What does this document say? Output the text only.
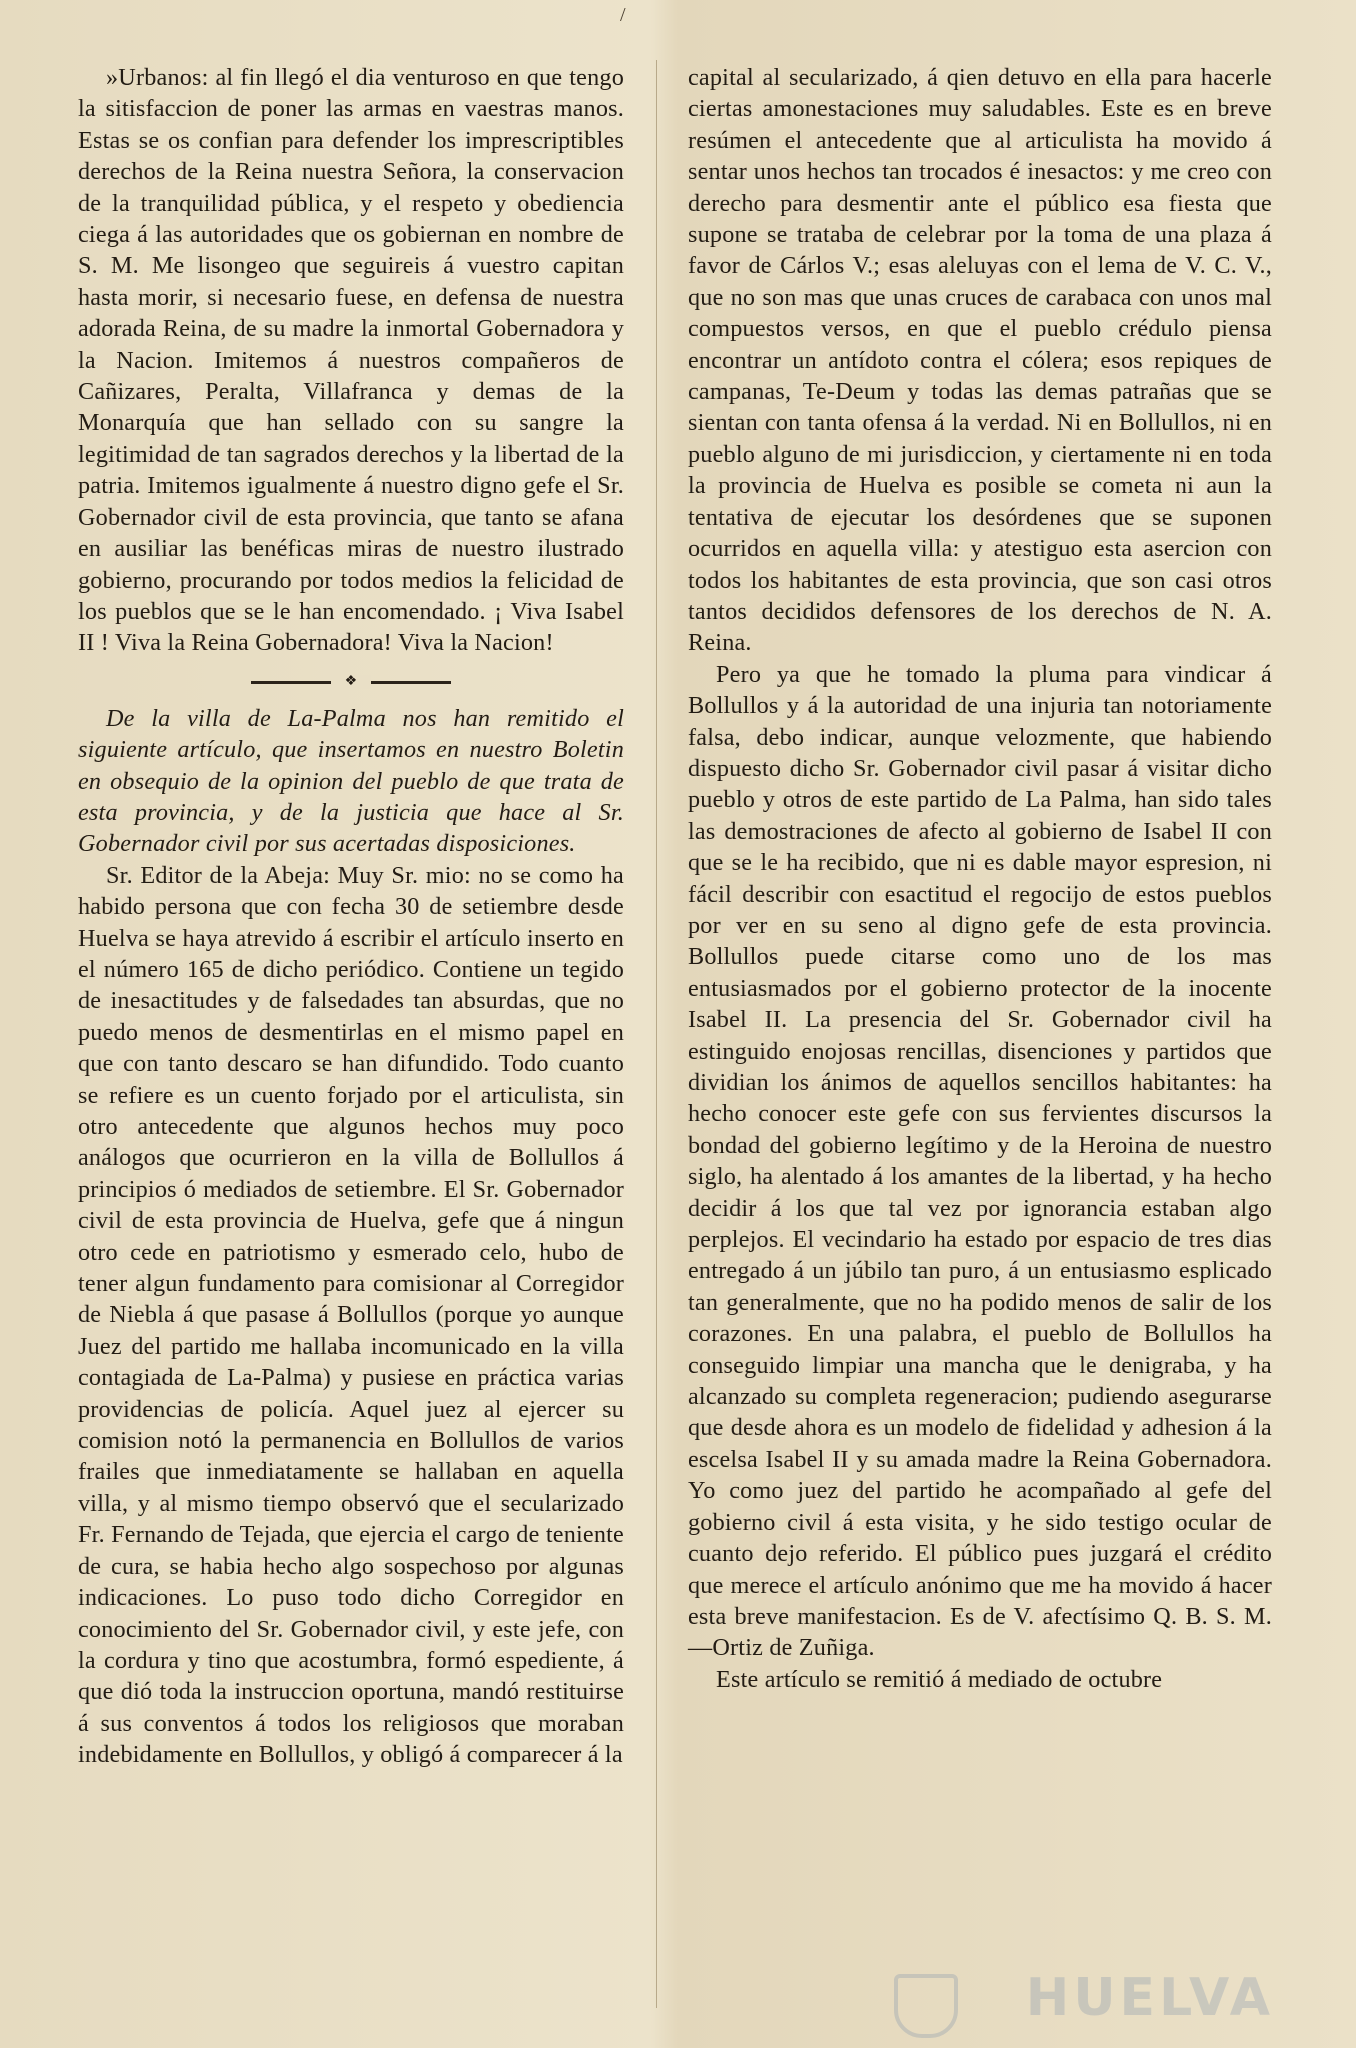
/

»Urbanos: al fin llegó el dia venturoso en que tengo la sitisfaccion de poner las armas en vaestras manos. Estas se os confian para defender los imprescriptibles derechos de la Reina nuestra Señora, la conservacion de la tranquilidad pública, y el respeto y obediencia ciega á las autoridades que os gobiernan en nombre de S. M. Me lisongeo que seguireis á vuestro capitan hasta morir, si necesario fuese, en defensa de nuestra adorada Reina, de su madre la inmortal Gobernadora y la Nacion. Imitemos á nuestros compañeros de Cañizares, Peralta, Villafranca y demas de la Monarquía que han sellado con su sangre la legitimidad de tan sagrados derechos y la libertad de la patria. Imitemos igualmente á nuestro digno gefe el Sr. Gobernador civil de esta provincia, que tanto se afana en ausiliar las benéficas miras de nuestro ilustrado gobierno, procurando por todos medios la felicidad de los pueblos que se le han encomendado. ¡ Viva Isabel II ! Viva la Reina Gobernadora! Viva la Nacion!

❖

De la villa de La-Palma nos han remitido el siguiente artículo, que insertamos en nuestro Boletin en obsequio de la opinion del pueblo de que trata de esta provincia, y de la justicia que hace al Sr. Gobernador civil por sus acertadas disposiciones.

Sr. Editor de la Abeja: Muy Sr. mio: no se como ha habido persona que con fecha 30 de setiembre desde Huelva se haya atrevido á escribir el artículo inserto en el número 165 de dicho periódico. Contiene un tegido de inesactitudes y de falsedades tan absurdas, que no puedo menos de desmentirlas en el mismo papel en que con tanto descaro se han difundido. Todo cuanto se refiere es un cuento forjado por el articulista, sin otro antecedente que algunos hechos muy poco análogos que ocurrieron en la villa de Bollullos á principios ó mediados de setiembre. El Sr. Gobernador civil de esta provincia de Huelva, gefe que á ningun otro cede en patriotismo y esmerado celo, hubo de tener algun fundamento para comisionar al Corregidor de Niebla á que pasase á Bollullos (porque yo aunque Juez del partido me hallaba incomunicado en la villa contagiada de La-Palma) y pusiese en práctica varias providencias de policía. Aquel juez al ejercer su comision notó la permanencia en Bollullos de varios frailes que inmediatamente se hallaban en aquella villa, y al mismo tiempo observó que el secularizado Fr. Fernando de Tejada, que ejercia el cargo de teniente de cura, se habia hecho algo sospechoso por algunas indicaciones. Lo puso todo dicho Corregidor en conocimiento del Sr. Gobernador civil, y este jefe, con la cordura y tino que acostumbra, formó espediente, á que dió toda la instruccion oportuna, mandó restituirse á sus conventos á todos los religiosos que moraban indebidamente en Bollullos, y obligó á comparecer á la

capital al secularizado, á qien detuvo en ella para hacerle ciertas amonestaciones muy saludables. Este es en breve resúmen el antecedente que al articulista ha movido á sentar unos hechos tan trocados é inesactos: y me creo con derecho para desmentir ante el público esa fiesta que supone se trataba de celebrar por la toma de una plaza á favor de Cárlos V.; esas aleluyas con el lema de V. C. V., que no son mas que unas cruces de carabaca con unos mal compuestos versos, en que el pueblo crédulo piensa encontrar un antídoto contra el cólera; esos repiques de campanas, Te-Deum y todas las demas patrañas que se sientan con tanta ofensa á la verdad. Ni en Bollullos, ni en pueblo alguno de mi jurisdiccion, y ciertamente ni en toda la provincia de Huelva es posible se cometa ni aun la tentativa de ejecutar los desórdenes que se suponen ocurridos en aquella villa: y atestiguo esta asercion con todos los habitantes de esta provincia, que son casi otros tantos decididos defensores de los derechos de N. A. Reina.

Pero ya que he tomado la pluma para vindicar á Bollullos y á la autoridad de una injuria tan notoriamente falsa, debo indicar, aunque velozmente, que habiendo dispuesto dicho Sr. Gobernador civil pasar á visitar dicho pueblo y otros de este partido de La Palma, han sido tales las demostraciones de afecto al gobierno de Isabel II con que se le ha recibido, que ni es dable mayor espresion, ni fácil describir con esactitud el regocijo de estos pueblos por ver en su seno al digno gefe de esta provincia. Bollullos puede citarse como uno de los mas entusiasmados por el gobierno protector de la inocente Isabel II. La presencia del Sr. Gobernador civil ha estinguido enojosas rencillas, disenciones y partidos que dividian los ánimos de aquellos sencillos habitantes: ha hecho conocer este gefe con sus fervientes discursos la bondad del gobierno legítimo y de la Heroina de nuestro siglo, ha alentado á los amantes de la libertad, y ha hecho decidir á los que tal vez por ignorancia estaban algo perplejos. El vecindario ha estado por espacio de tres dias entregado á un júbilo tan puro, á un entusiasmo esplicado tan generalmente, que no ha podido menos de salir de los corazones. En una palabra, el pueblo de Bollullos ha conseguido limpiar una mancha que le denigraba, y ha alcanzado su completa regeneracion; pudiendo asegurarse que desde ahora es un modelo de fidelidad y adhesion á la escelsa Isabel II y su amada madre la Reina Gobernadora. Yo como juez del partido he acompañado al gefe del gobierno civil á esta visita, y he sido testigo ocular de cuanto dejo referido. El público pues juzgará el crédito que merece el artículo anónimo que me ha movido á hacer esta breve manifestacion. Es de V. afectísimo Q. B. S. M.—Ortiz de Zuñiga.

Este artículo se remitió á mediado de octubre

HUELVA
